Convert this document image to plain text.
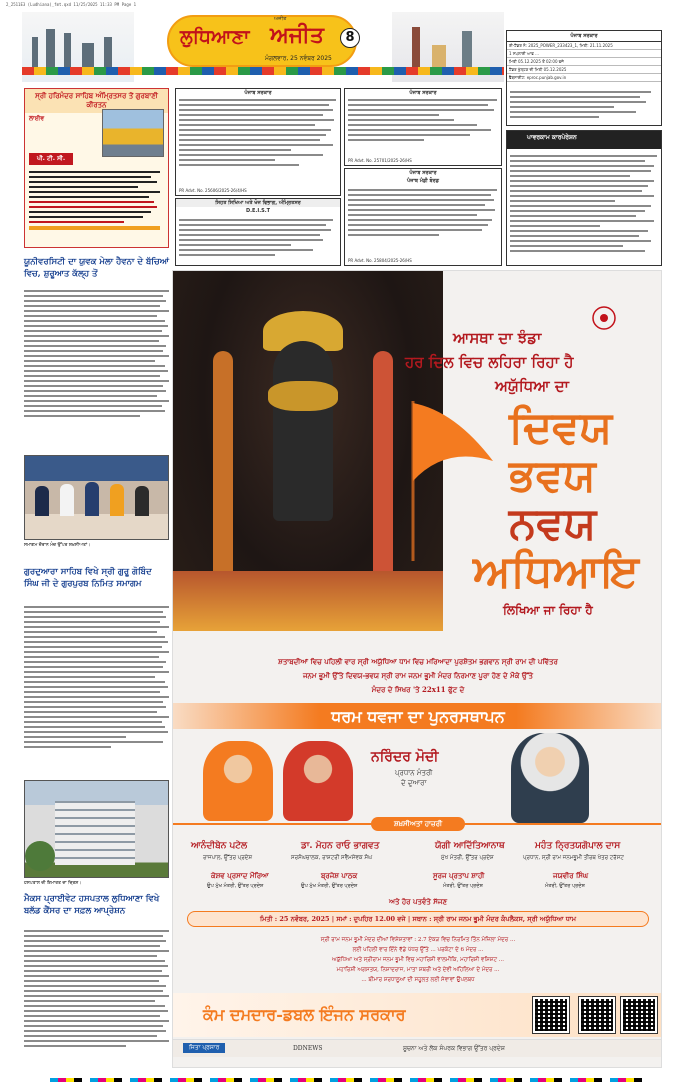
2_2511E3 (Ludhiana)_fmt.qxd 11/25/2025 11:33 PM Page 1
ਲੁਧਿਆਣਾ
ਅਜੀਤ
ਅਜੀਤ
ਮੰਗਲਵਾਰ, 25 ਨਵੰਬਰ 2025
8	ਪੰਜਾਬ ਸਰਕਾਰ
ਈ-ਟੈਂਡਰ ਨੰ: 2025_POWER_233423_1, ਮਿਤੀ: 21.11.2025
1 ਸਪਲਾਈ ਆਫ ...
ਮਿਤੀ 05.12.2025 ਤੋਂ 02:00 ਵਜੇ
ਟੈਂਡਰ ਖੁੱਲ੍ਹਣ ਦੀ ਮਿਤੀ 05.12.2025
ਵੈੱਬਸਾਈਟ: eproc.punjab.gov.in
ਸ੍ਰੀ ਹਰਿਮੰਦਰ ਸਾਹਿਬ ਅੰਮ੍ਰਿਤਸਰ ਤੋਂ ਗੁਰਬਾਣੀ ਕੀਰਤਨ
ਲਾਈਵ
ਪੀ. ਟੀ. ਸੀ.
ਪੰਜਾਬ ਸਰਕਾਰ
PR Advt. No. 25606/2025-26/4/HS
ਪੰਜਾਬ ਸਰਕਾਰ
PR Advt. No. 25701/2025-26/HS
ਸਿਹਤ ਸਿਖਿਆ ਅਤੇ ਖੋਜ ਵਿਭਾਗ, ਅੰਮ੍ਰਿਤਸਰ
D.E.I.S.T
ਪੰਜਾਬ ਸਰਕਾਰ
ਪੰਜਾਬ ਮੰਡੀ ਬੋਰਡ
PR Advt. No. 25804/2025-26/HS
ਪਾਵਰਕਾਮ ਕਾਰਪੋਰੇਸ਼ਨ
ਯੂਨੀਵਰਸਿਟੀ ਦਾ ਯੁਵਕ ਮੇਲਾ ਹੈਵਨਾ ਦੇ ਬੱਚਿਆਂ ਵਿਚ, ਸ਼ੁਰੂਆਤ ਕੱਲ੍ਹ ਤੋਂ
ਸਮਾਗਮ ਦੌਰਾਨ ਮੰਚ ਉੱਪਰ ਸ਼ਖ਼ਸੀਅਤਾਂ।
ਗੁਰਦੁਆਰਾ ਸਾਹਿਬ ਵਿਖੇ ਸ੍ਰੀ ਗੁਰੂ ਗੋਬਿੰਦ ਸਿੰਘ ਜੀ ਦੇ ਗੁਰਪੁਰਬ ਨਿਮਿਤ ਸਮਾਗਮ
ਹਸਪਤਾਲ ਦੀ ਇਮਾਰਤ ਦਾ ਦ੍ਰਿਸ਼।
ਮੈਕਸ ਪ੍ਰਾਈਵੇਟ ਹਸਪਤਾਲ ਲੁਧਿਆਣਾ ਵਿਖੇ ਬਲੱਡ ਕੈਂਸਰ ਦਾ ਸਫ਼ਲ ਆਪ੍ਰੇਸ਼ਨ
ਆਸਥਾ ਦਾ ਝੰਡਾ
ਹਰ ਦਿਲ ਵਿਚ ਲਹਿਰਾ ਰਿਹਾ ਹੈ
ਅਯੁੱਧਿਆ ਦਾ
ਦਿਵਯ
ਭਵਯ
ਨਵਯ
ਅਧਿਆਇ
ਲਿਖਿਆ ਜਾ ਰਿਹਾ ਹੈ
ਸ਼ਤਾਬਦੀਆਂ ਵਿਚ ਪਹਿਲੀ ਵਾਰ ਸ੍ਰੀ ਅਯੁੱਧਿਆ ਧਾਮ ਵਿਚ ਮਰਿਆਦਾ ਪੁਰਸ਼ੋਤਮ ਭਗਵਾਨ ਸ੍ਰੀ ਰਾਮ ਦੀ ਪਵਿੱਤਰ
ਜਨਮ ਭੂਮੀ ਉੱਤੇ ਦਿਵਯ-ਭਵਯ ਸ੍ਰੀ ਰਾਮ ਜਨਮ ਭੂਮੀ ਮੰਦਰ ਨਿਰਮਾਣ ਪੂਰਾ ਹੋਣ ਦੇ ਮੌਕੇ ਉੱਤੇ
ਮੰਦਰ ਦੇ ਸਿਖਰ 'ਤੇ 22x11 ਫੁੱਟ ਦੇ
ਧਰਮ ਧਵਜਾ ਦਾ ਪੁਨਰਸਥਾਪਨ
ਨਰਿੰਦਰ ਮੋਦੀ
ਪ੍ਰਧਾਨ ਮੰਤਰੀ
ਦੇ ਦੁਆਰਾ
ਸ਼ਖ਼ਸੀਅਤਾਂ ਹਾਜ਼ਰੀ
ਆਨੰਦੀਬੇਨ ਪਟੇਲ
ਰਾਜਪਾਲ, ਉੱਤਰ ਪ੍ਰਦੇਸ਼
ਡਾ. ਮੋਹਨ ਰਾਓ ਭਾਗਵਤ
ਸਰਸੰਘਚਾਲਕ, ਰਾਸ਼ਟਰੀ ਸਵੈਮਸੇਵਕ ਸੰਘ
ਯੋਗੀ ਆਦਿੱਤਿਆਨਾਥ
ਮੁੱਖ ਮੰਤਰੀ, ਉੱਤਰ ਪ੍ਰਦੇਸ਼
ਮਹੰਤ ਨ੍ਰਿਤਯਗੋਪਾਲ ਦਾਸ
ਪ੍ਰਧਾਨ, ਸ੍ਰੀ ਰਾਮ ਜਨਮਭੂਮੀ ਤੀਰਥ ਖੇਤਰ ਟਰੱਸਟ
ਕੇਸ਼ਵ ਪ੍ਰਸਾਦ ਮੌਰਿਆ
ਉਪ ਮੁੱਖ ਮੰਤਰੀ, ਉੱਤਰ ਪ੍ਰਦੇਸ਼
ਬ੍ਰਜੇਸ਼ ਪਾਠਕ
ਉਪ ਮੁੱਖ ਮੰਤਰੀ, ਉੱਤਰ ਪ੍ਰਦੇਸ਼
ਸੂਰਜ ਪ੍ਰਤਾਪ ਸ਼ਾਹੀ
ਮੰਤਰੀ, ਉੱਤਰ ਪ੍ਰਦੇਸ਼
ਜਯਵੀਰ ਸਿੰਘ
ਮੰਤਰੀ, ਉੱਤਰ ਪ੍ਰਦੇਸ਼
ਅਤੇ ਹੋਰ ਪਤਵੰਤੇ ਸੱਜਣ
ਮਿਤੀ : 25 ਨਵੰਬਰ, 2025 | ਸਮਾਂ : ਦੁਪਹਿਰ 12.00 ਵਜੇ | ਸਥਾਨ : ਸ੍ਰੀ ਰਾਮ ਜਨਮ ਭੂਮੀ ਮੰਦਰ ਕੰਪਲੈਕਸ, ਸ੍ਰੀ ਅਯੁੱਧਿਆ ਧਾਮ
ਸ੍ਰੀ ਰਾਮ ਜਨਮ ਭੂਮੀ ਮੰਦਰ ਦੀਆਂ ਵਿਸ਼ੇਸ਼ਤਾਵਾਂ : 2.7 ਏਕੜ ਵਿਚ ਨਿਰਮਿਤ ਤਿੰਨ ਮੰਜ਼ਿਲਾ ਮੰਦਰ ...
ਲਈ ਪਹਿਲੀ ਵਾਰ ਇੰਨੇ ਵੱਡੇ ਪੱਧਰ ਉੱਤੇ ... ਪਰਕੋਟਾ ਦੇ 6 ਮੰਦਰ ...
ਅਯੁੱਧਿਆ ਅਤੇ ਸ੍ਰੀਰਾਮ ਜਨਮ ਭੂਮੀ ਵਿਚ ਮਹਾਰਿਸ਼ੀ ਵਾਲਮੀਕਿ, ਮਹਾਰਿਸ਼ੀ ਵਸ਼ਿਸ਼ਟ ...
ਮਹਾਰਿਸ਼ੀ ਅਗਸਤਯ, ਨਿਸ਼ਾਦਰਾਜ, ਮਾਤਾ ਸ਼ਬਰੀ ਅਤੇ ਦੇਵੀ ਅਹਿਲਿਆ ਦੇ ਮੰਦਰ ...
... ਬੀਮਾਰ ਸ਼ਰਧਾਲੂਆਂ ਦੀ ਸਹੂਲਤ ਲਈ ਸੇਵਾਵਾਂ ਉਪਲਬਧ
ਕੰਮ ਦਮਦਾਰ-ਡਬਲ ਇੰਜਨ ਸਰਕਾਰ
ਜਿਤਾ ਪ੍ਰਸਾਰ	DDNEWS	ਸੂਚਨਾ ਅਤੇ ਲੋਕ ਸੰਪਰਕ ਵਿਭਾਗ ਉੱਤਰ ਪ੍ਰਦੇਸ਼
